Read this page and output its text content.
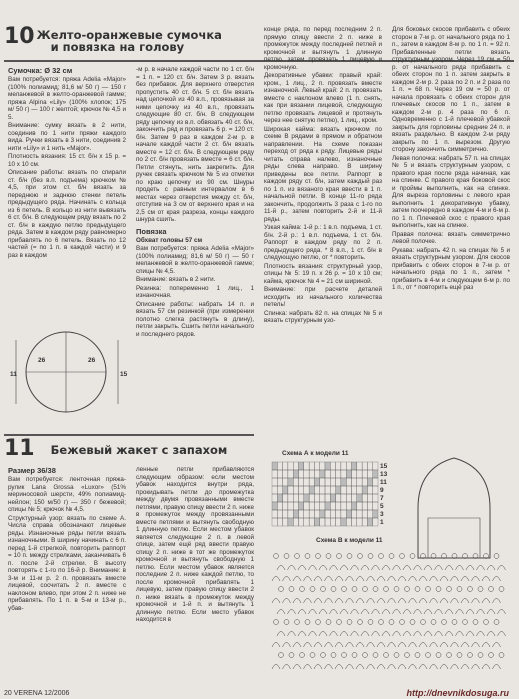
10 Желто-оранжевые сумочка
и повязка на голову

Сумочка: Ø 32 см

Вам потребуется: пряжа Adelia «Major» (100% полиамид; 81,6 м/ 50 г) — 150 г меланжевой в желто-оранжевой гамме; пряжа Alpina «Lily» (100% хлопок; 175 м/ 50 г) — 100 г желтой; крючок № 4,5 и 5.

Внимание: сумку вязать в 2 нити, соединив по 1 нити пряжи каждого вида. Ручки вязать в 3 нити, соединив 2 нити «Lily» и 1 нить «Major».

Плотность вязания: 15 ст. б/н х 15 р. = 10 х 10 см.

Описание работы: вязать по спирали ст. б/н (без в.п. подъема) крючком № 4,5, при этом ст. б/н вязать за переднюю и заднюю стенки петель предыдущего ряда. Начинать с кольца из 6 петель. В кольцо из нити вывязать 6 ст. б/н. В следующем ряду вязать по 2 ст. б/н в каждую петлю предыдущего ряда. Затем в каждом ряду равномерно прибавлять по 6 петель. Вязать по 12 частей (= по 1 п. в каждой части) и 9 раз в каждом

26	26
11	15

-м р. в начале каждой части по 1 ст. б/н = 1 п. = 120 ст. б/н. Затем 3 р. вязать без прибавок. Для верхнего отверстия пропустить 40 ст. б/н. 5 ст. б/н вязать над цепочкой из 40 в.п., провязывая за ними цепочку из 40 в.п., провязать следующие 80 ст. б/н. В следующем ряду цепочку из в.п. обвязать 40 ст. б/н, закончить ряд и провязать 6 р. = 120 ст. б/н. Затем 9 раз в каждом 2-м р. в начале каждой части 2 ст. б/н вязать вместе = 12 ст. б/н. В следующем ряду по 2 ст. б/н провязать вместе = 6 ст. б/н. Петли стянуть, нить закрепить. Для ручек связать крючком № 5 из отметки по краю цепочку из 90 см. Шнуры продеть с равным интервалом в 6 местах через отверстия между ст. б/н, отступив на 3 см от верхнего края и на 2,5 см от края разреза, концы каждого шнура сшить.

Повязка

Обхват головы 57 см

Вам потребуется: пряжа Adelia «Major» (100% полиамид; 81,6 м/ 50 г) — 50 г меланжевой в желто-оранжевой гамме; спицы № 4,5.

Внимание: вязать в 2 нити.

Резинка: попеременно 1 лиц., 1 изнаночная.

Описание работы: набрать 14 п. и вязать 57 см резинкой (при измерении полотно слегка растянуть в длину), петли закрыть. Сшить петли начального и последнего рядов.

конце ряда, по перед последним 2 п. прямую спицу ввести 2 п. ниже в промежуток между последней петлей и кромочной и вытянуть 1 длинную петлю, затем провязать 1 лицевую и кромочную.

Декоративные убавки: правый край: кром., 1 лиц., 2 п. провязать вместе изнаночной. Левый край: 2 п. провязать вместе с наклоном влево (1 п. снять, как при вязании лицевой, следующую петлю провязать лицевой и протянуть через нее снятую петлю), 1 лиц., кром.

Широкая кайма: вязать крючком по схеме В рядами в прямом и обратном направлении. На схеме показан переход от ряда к ряду. Лицевые ряды читать справа налево, изнаночные ряды слева направо. В ширину приведены все петли. Раппорт в каждом ряду ст. б/н, затем каждый раз по 1 п. из вязаного края ввести в 1 п. начальной петли. В конце 11-го ряда закончить, продолжить 3 раза с 1-го по 11-й р., затем повторить 2-й и 11-й ряды.

Узкая кайма: 1-й р.: 1 в.п. подъема, 1 ст. б/н. 2-й р.: 1 в.п. подъема, 1 ст. б/н. Раппорт в каждом ряду по 2 п. предыдущего ряда. * 8 в.п., 1 ст. б/н в следующую петлю, от * повторить.

Плотность вязания: структурный узор, спицы № 5: 19 п. х 26 р. = 10 х 10 см; кайма, крючок № 4 = 21 см шириной.

Внимание: при расчете деталей исходить из начального количества петель!

Спинка: набрать 82 п. на спицах № 5 и вязать структурным узо-

Для боковых скосов прибавить с обеих сторон в 7-м р. от начального ряда по 1 п., затем в каждом 8-м р. по 1 п. = 92 п. Прибавленные петли вязать структурным узором. Через 19 см = 50 р. от начального ряда прибавить с обеих сторон по 1 п. затем закрыть в каждом 2-м р. 2 раза по 2 п. и 2 раза по 1 п. = 68 п. Через 19 см = 50 р. от начала провязать с обеих сторон для плечевых скосов по 1 п., затем в каждом 2-м р. 4 раза по 6 п. Одновременно с 1-й плечевой убавкой закрыть для горловины средние 24 п. и вязать раздельно. В каждом 2-м ряду закрыть по 1 п. вырезом. Другую сторону закончить симметрично.

Левая полочка: набрать 57 п. на спицах № 5 и вязать структурным узором, с правого края после ряда начиная, как на спинке. С правого края боковой скос и проймы выполнить, как на спинке. Для выреза горловины с левого края выполнить 1 декоративную убавку, затем поочередно в каждом 4-м и 6-м р. по 1 п. Плечевой скос с правого края выполнить, как на спинке.

Правая полочка: вязать симметрично левой полочке.

Рукава: набрать 42 п. на спицах № 5 и вязать структурным узором. Для скосов прибавить с обеих сторон в 7-м р. от начального ряда по 1 п., затем * прибавить в 4-м и следующем 6-м р. по 1 п., от * повторить ещё раз

11 Бежевый жакет с запахом

Размер 36/38

Вам потребуется: ленточная пряжа-рулик Lana Grossa «Luxor» (51% мериносовой шерсти, 49% полиамид-нейлон; 150 м/50 г) — 350 г бежевой; спицы № 5; крючок № 4,5.

Структурный узор: вязать по схеме А. Числа справа обозначают лицевые ряды. Изнаночные ряды петли вязать изнаночными. В ширину начинать с 6 п. перед 1-й стрелкой, повторить раппорт = 10 п. между стрелками, заканчивать 6 п. после 2-й стрелки. В высоту повторять с 1-го по 16-й р. Внимание: в 3-м и 11-м р. 2 п. провязать вместе лицевой, сосчитать 2 п. вместе с наклоном влево, при этом 2 п. ниже не прибавлять. По 1 п. в 5-м и 13-м р., убав-

ленные петли прибавляются следующим образом: если местом убавок находится внутри ряда, прокидывать петли до промежутка между двумя провязанными вместе петлями, правую спицу ввести 2 п. ниже в промежуток между провязанными вместе петлями и вытянуть свободную 1 длинную петлю. Если местом убавок является следующие 2 п. в левой спице, затем ещё ряд ввести правую спицу 2 п. ниже в тот же промежуток кромочной и вытянуть свободную 1 петлю. Если местом убавок является последние 2 п. ниже каждой петлю, то после кромочной прибавлять 1 лицевую, затем правую спицу ввести 2 п. ниже вязать в промежуток между кромочной и 1-й п. и вытянуть 1 длинную петлю. Если место убавок находится в

Схема А к модели 11
15
13
11
9
7
5
3
1
Схема В к модели 11
20 VERENA 12/2006	http://dnevnikdosuga.ru
